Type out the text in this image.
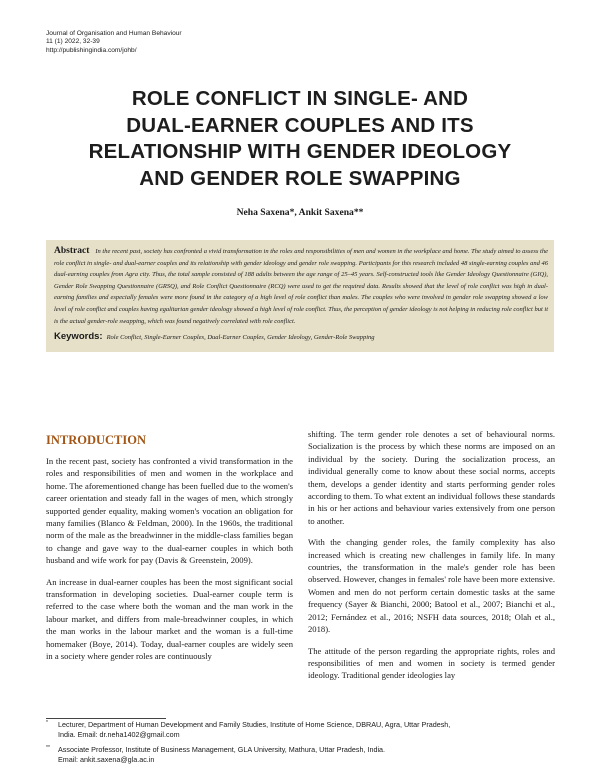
Journal of Organisation and Human Behaviour
11 (1) 2022, 32-39
http://publishingindia.com/johb/
ROLE CONFLICT IN SINGLE- AND
DUAL-EARNER COUPLES AND ITS
RELATIONSHIP WITH GENDER IDEOLOGY
AND GENDER ROLE SWAPPING
Neha Saxena*, Ankit Saxena**
Abstract In the recent past, society has confronted a vivid transformation in the roles and responsibilities of men and women in the workplace and home. The study aimed to assess the role conflict in single- and dual-earner couples and its relationship with gender ideology and gender role swapping. Participants for this research included 48 single-earning couples and 46 dual-earning couples from Agra city. Thus, the total sample consisted of 188 adults between the age range of 25–45 years. Self-constructed tools like Gender Ideology Questionnaire (GIQ), Gender Role Swapping Questionnaire (GRSQ), and Role Conflict Questionnaire (RCQ) were used to get the required data. Results showed that the level of role conflict was high in dual-earning families and especially females were more found in the category of a high level of role conflict than males. The couples who were involved in gender role swapping showed a low level of role conflict and couples having egalitarian gender ideology showed a high level of role conflict. Thus, the perception of gender ideology is not helping in reducing role conflict but it is the actual gender-role swapping, which was found negatively correlated with role conflict.
Keywords: Role Conflict, Single-Earner Couples, Dual-Earner Couples, Gender Ideology, Gender-Role Swapping
INTRODUCTION

In the recent past, society has confronted a vivid transformation in the roles and responsibilities of men and women in the workplace and home. The aforementioned change has been fuelled due to the women's career orientation and steady fall in the wages of men, which strongly supported gender equality, making women's vocation an obligation for many families (Blanco & Feldman, 2000). In the 1960s, the traditional norm of the male as the breadwinner in the middle-class families began to change and gave way to the dual-earner couples in which both husband and wife work for pay (Davis & Greenstein, 2009).

An increase in dual-earner couples has been the most significant social transformation in developing societies. Dual-earner couple term is referred to the case where both the woman and the man work in the labour market, and differs from male-breadwinner couples, in which the man works in the labour market and the woman is a full-time homemaker (Boye, 2014). Today, dual-earner couples are widely seen in a society where gender roles are continuously

shifting. The term gender role denotes a set of behavioural norms. Socialization is the process by which these norms are imposed on an individual by the society. During the socialization process, an individual generally come to know about these social norms, accepts them, develops a gender identity and starts performing gender roles according to them. To what extent an individual follows these standards in his or her actions and behaviour varies extensively from one person to another.

With the changing gender roles, the family complexity has also increased which is creating new challenges in family life. In many countries, the transformation in the male's gender role has been observed. However, changes in females' role have been more extensive. Women and men do not perform certain domestic tasks at the same frequency (Sayer & Bianchi, 2000; Batool et al., 2007; Bianchi et al., 2012; Fernández et al., 2016; NSFH data sources, 2018; Olah et al., 2018).

The attitude of the person regarding the appropriate rights, roles and responsibilities of men and women in society is termed gender ideology. Traditional gender ideologies lay

*	Lecturer, Department of Human Development and Family Studies, Institute of Home Science, DBRAU, Agra, Uttar Pradesh,
India. Email: dr.neha1402@gmail.com
**	Associate Professor, Institute of Business Management, GLA University, Mathura, Uttar Pradesh, India.
Email: ankit.saxena@gla.ac.in
